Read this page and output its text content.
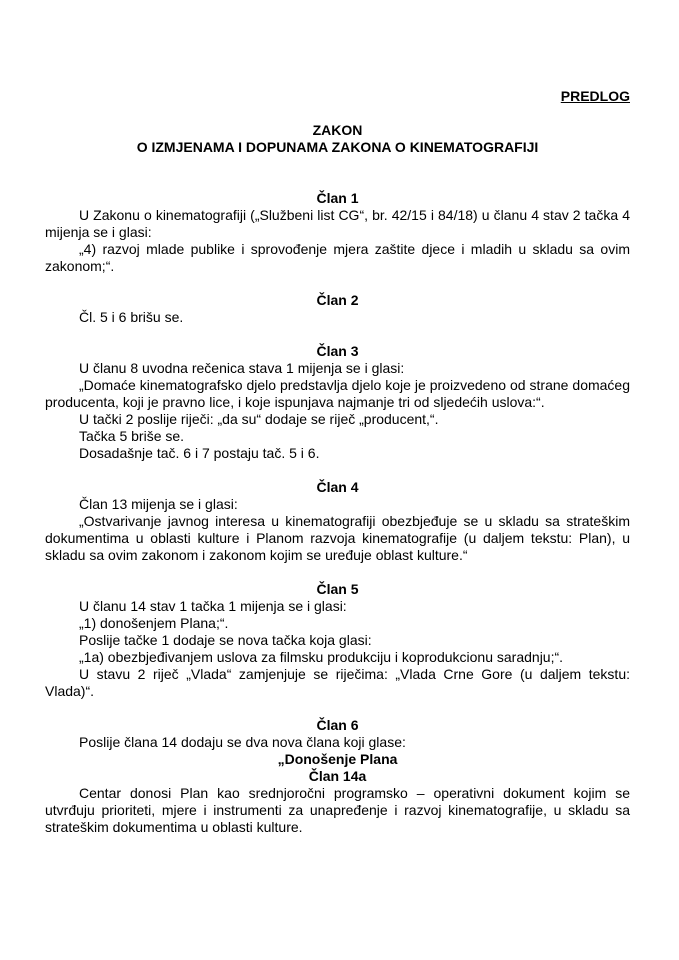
PREDLOG

ZAKON
O IZMJENAMA I DOPUNAMA ZAKONA O KINEMATOGRAFIJI
Član 1

U Zakonu o kinematografiji („Službeni list CG“, br. 42/15 i 84/18) u članu 4 stav 2 tačka 4 mijenja se i glasi:

„4) razvoj mlade publike i sprovođenje mjera zaštite djece i mladih u skladu sa ovim zakonom;“.

Član 2

Čl. 5 i 6 brišu se.

Član 3

U članu 8 uvodna rečenica stava 1 mijenja se i glasi:

„Domaće kinematografsko djelo predstavlja djelo koje je proizvedeno od strane domaćeg producenta, koji je pravno lice, i koje ispunjava najmanje tri od sljedećih uslova:“.

U tački 2 poslije riječi: „da su“ dodaje se riječ „producent,“.

Tačka 5 briše se.

Dosadašnje tač. 6 i 7 postaju tač. 5 i 6.

Član 4

Član 13 mijenja se i glasi:

„Ostvarivanje javnog interesa u kinematografiji obezbjeđuje se u skladu sa strateškim dokumentima u oblasti kulture i Planom razvoja kinematografije (u daljem tekstu: Plan), u skladu sa ovim zakonom i zakonom kojim se uređuje oblast kulture.“

Član 5

U članu 14 stav 1 tačka 1 mijenja se i glasi:

„1) donošenjem Plana;“.

Poslije tačke 1 dodaje se nova tačka koja glasi:

„1a) obezbjeđivanjem uslova za filmsku produkciju i koprodukcionu saradnju;“.

U stavu 2 riječ „Vlada“ zamjenjuje se riječima: „Vlada Crne Gore (u daljem tekstu: Vlada)“.

Član 6

Poslije člana 14 dodaju se dva nova člana koji glase:

„Donošenje Plana

Član 14a

Centar donosi Plan kao srednjoročni programsko – operativni dokument kojim se utvrđuju prioriteti, mjere i instrumenti za unapređenje i razvoj kinematografije, u skladu sa strateškim dokumentima u oblasti kulture.
